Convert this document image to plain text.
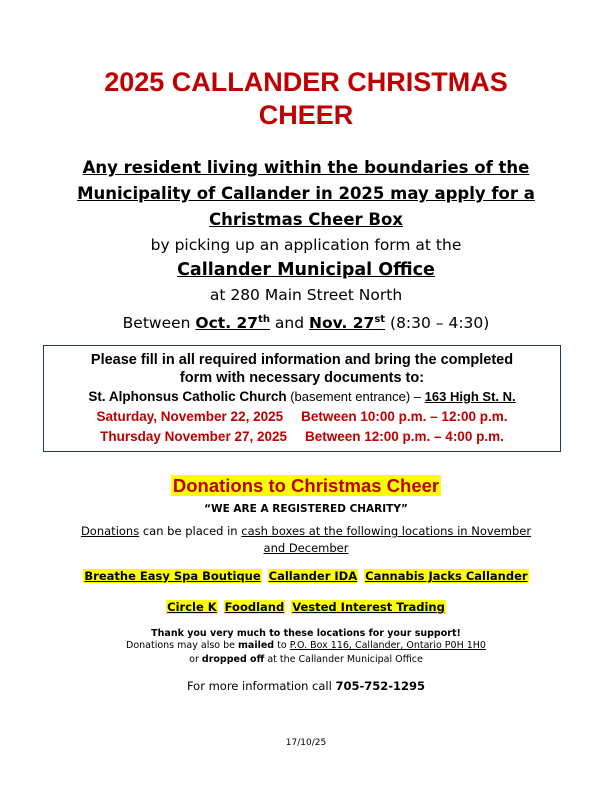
2025 CALLANDER CHRISTMAS
CHEER
Any resident living within the boundaries of the
Municipality of Callander in 2025 may apply for a
Christmas Cheer Box
by picking up an application form at the
Callander Municipal Office
at 280 Main Street North
Between Oct. 27th and Nov. 27st (8:30 – 4:30)
Please fill in all required information and bring the completed
form with necessary documents to:
St. Alphonsus Catholic Church (basement entrance) – 163 High St. N.
Saturday, November 22, 2025 Between 10:00 p.m. – 12:00 p.m.
Thursday November 27, 2025 Between 12:00 p.m. – 4:00 p.m.
Donations to Christmas Cheer
“WE ARE A REGISTERED CHARITY”
Donations can be placed in cash boxes at the following locations in November and December
Breathe Easy Spa Boutique Callander IDA Cannabis Jacks Callander
Circle K Foodland Vested Interest Trading
Thank you very much to these locations for your support!
Donations may also be mailed to P.O. Box 116, Callander, Ontario P0H 1H0
or dropped off at the Callander Municipal Office
For more information call 705-752-1295
17/10/25
